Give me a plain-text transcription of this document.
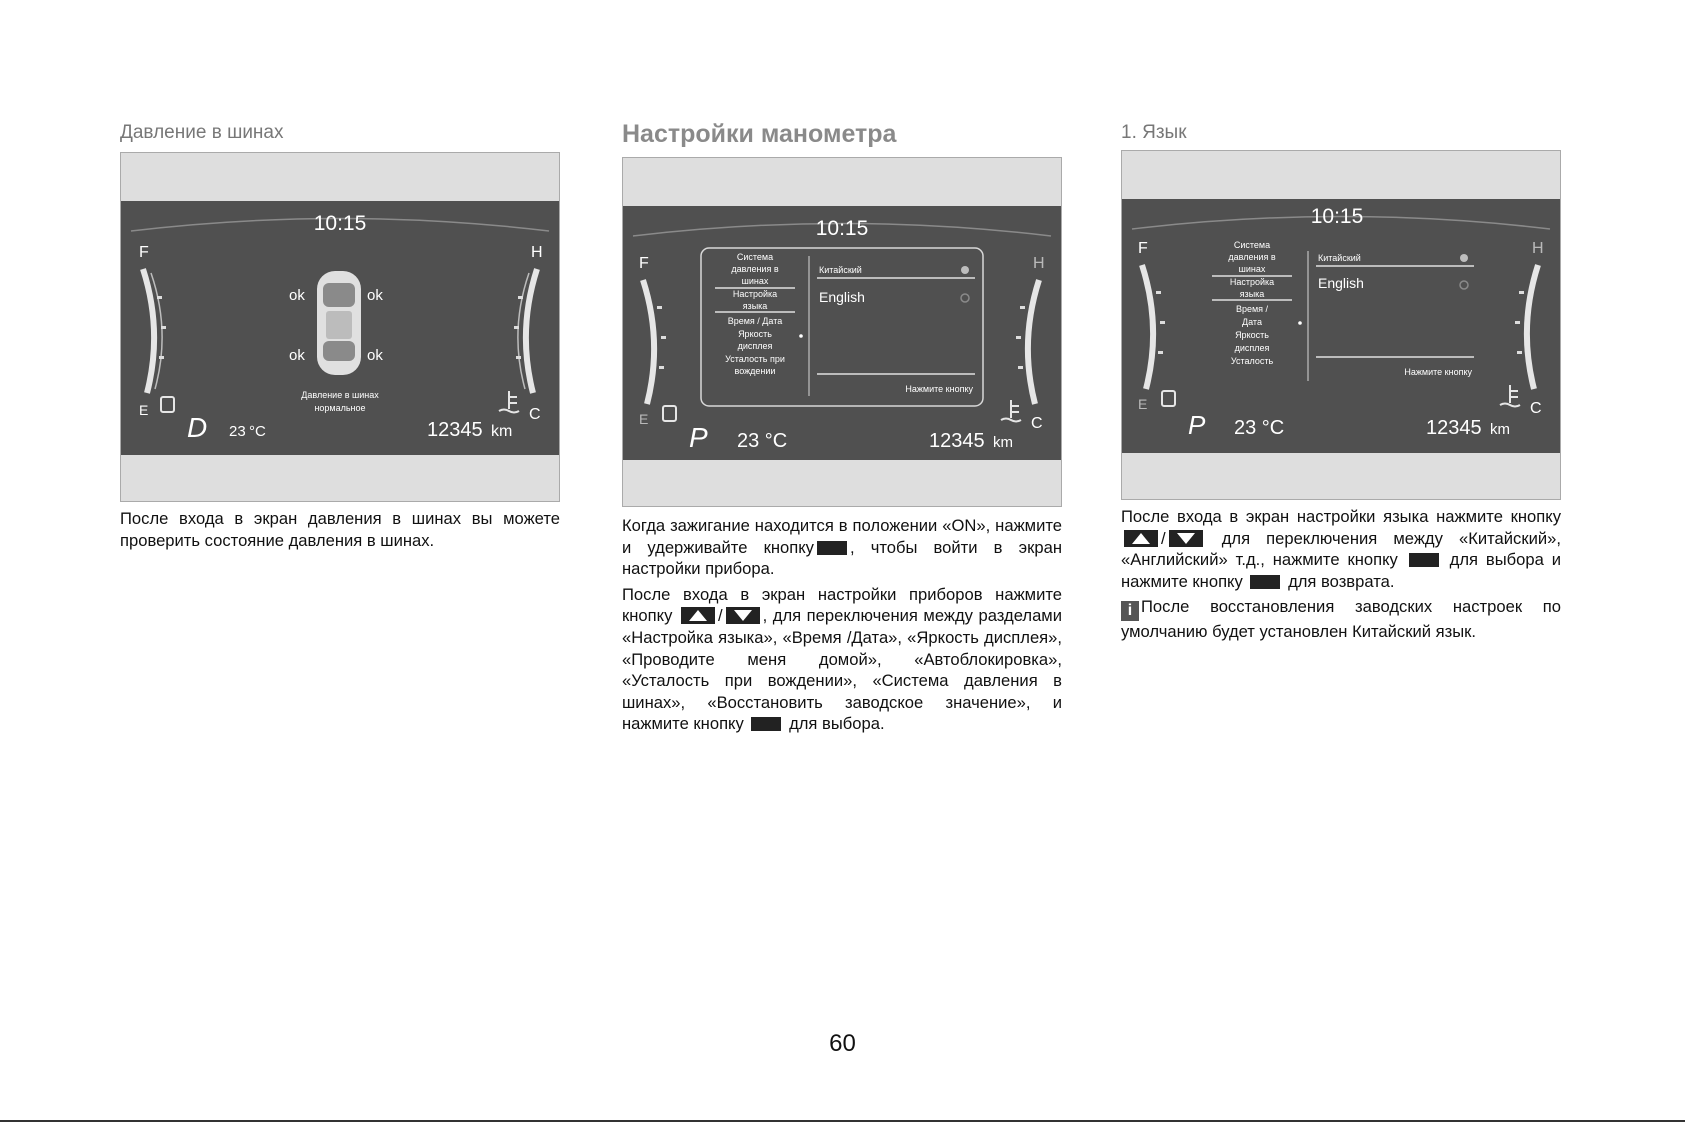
Давление в шинах
10:15
F
E
H
C
ok	ok
ok	ok
Давление в шинах
нормальное
D 23 °C	12345 km

После входа в экран давления в шинах вы можете проверить состояние давления в шинах.

Настройки манометра
10:15
F
E
H
C
Система
давления в
шинах
Настройка
языка
Время / Дата
Яркость
дисплея
Усталость при
вождении
Китайский
English
Нажмите кнопку
P 23 °C	12345 km

Когда зажигание находится в положении «ON», нажмите и удерживайте кнопку , чтобы войти в экран настройки прибора.

После входа в экран настройки приборов нажмите кнопку	/ , для переключения между разделами «Настройка языка», «Время /Дата», «Яркость дисплея», «Проводите меня домой», «Автоблокировка», «Усталость при вождении», «Система давления в шинах», «Восстановить заводское значение», и нажмите кнопку	для выбора.

1. Язык
10:15
F
E
H
C
Система
давления в
шинах
Настройка
языка
Время /
Дата
Яркость
дисплея
Усталость
Китайский
English
Нажмите кнопку
P 23 °C	12345 km

После входа в экран настройки языка нажмите кнопку /	для переключения между «Китайский», «Английский» т.д., нажмите кнопку	для выбора и нажмите кнопку	для возврата.

i После восстановления заводских настроек по умолчанию будет установлен Китайский язык.

60
